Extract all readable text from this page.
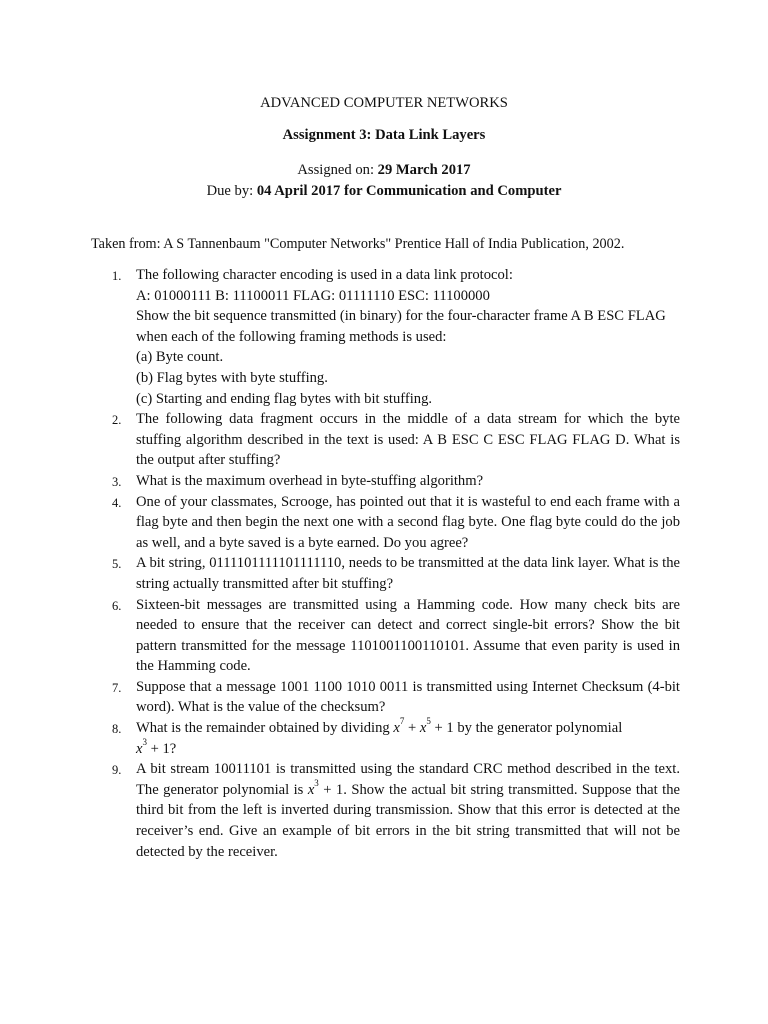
ADVANCED COMPUTER NETWORKS
Assignment 3: Data Link Layers
Assigned on: 29 March 2017
Due by: 04 April 2017 for Communication and Computer
Taken from: A S Tannenbaum "Computer Networks" Prentice Hall of India Publication, 2002.
1. The following character encoding is used in a data link protocol:
A: 01000111 B: 11100011 FLAG: 01111110 ESC: 11100000
Show the bit sequence transmitted (in binary) for the four-character frame A B ESC FLAG when each of the following framing methods is used:
(a) Byte count.
(b) Flag bytes with byte stuffing.
(c) Starting and ending flag bytes with bit stuffing.
2. The following data fragment occurs in the middle of a data stream for which the byte stuffing algorithm described in the text is used: A B ESC C ESC FLAG FLAG D. What is the output after stuffing?
3. What is the maximum overhead in byte-stuffing algorithm?
4. One of your classmates, Scrooge, has pointed out that it is wasteful to end each frame with a flag byte and then begin the next one with a second flag byte. One flag byte could do the job as well, and a byte saved is a byte earned. Do you agree?
5. A bit string, 0111101111101111110, needs to be transmitted at the data link layer. What is the string actually transmitted after bit stuffing?
6. Sixteen-bit messages are transmitted using a Hamming code. How many check bits are needed to ensure that the receiver can detect and correct single-bit errors? Show the bit pattern transmitted for the message 1101001100110101. Assume that even parity is used in the Hamming code.
7. Suppose that a message 1001 1100 1010 0011 is transmitted using Internet Checksum (4-bit word). What is the value of the checksum?
8. What is the remainder obtained by dividing $x^7 + x^5 + 1$ by the generator polynomial
$x^3 + 1$?
9. A bit stream 10011101 is transmitted using the standard CRC method described in the text. The generator polynomial is $x^3 + 1$. Show the actual bit string transmitted. Suppose that the third bit from the left is inverted during transmission. Show that this error is detected at the receiver’s end. Give an example of bit errors in the bit string transmitted that will not be detected by the receiver.
